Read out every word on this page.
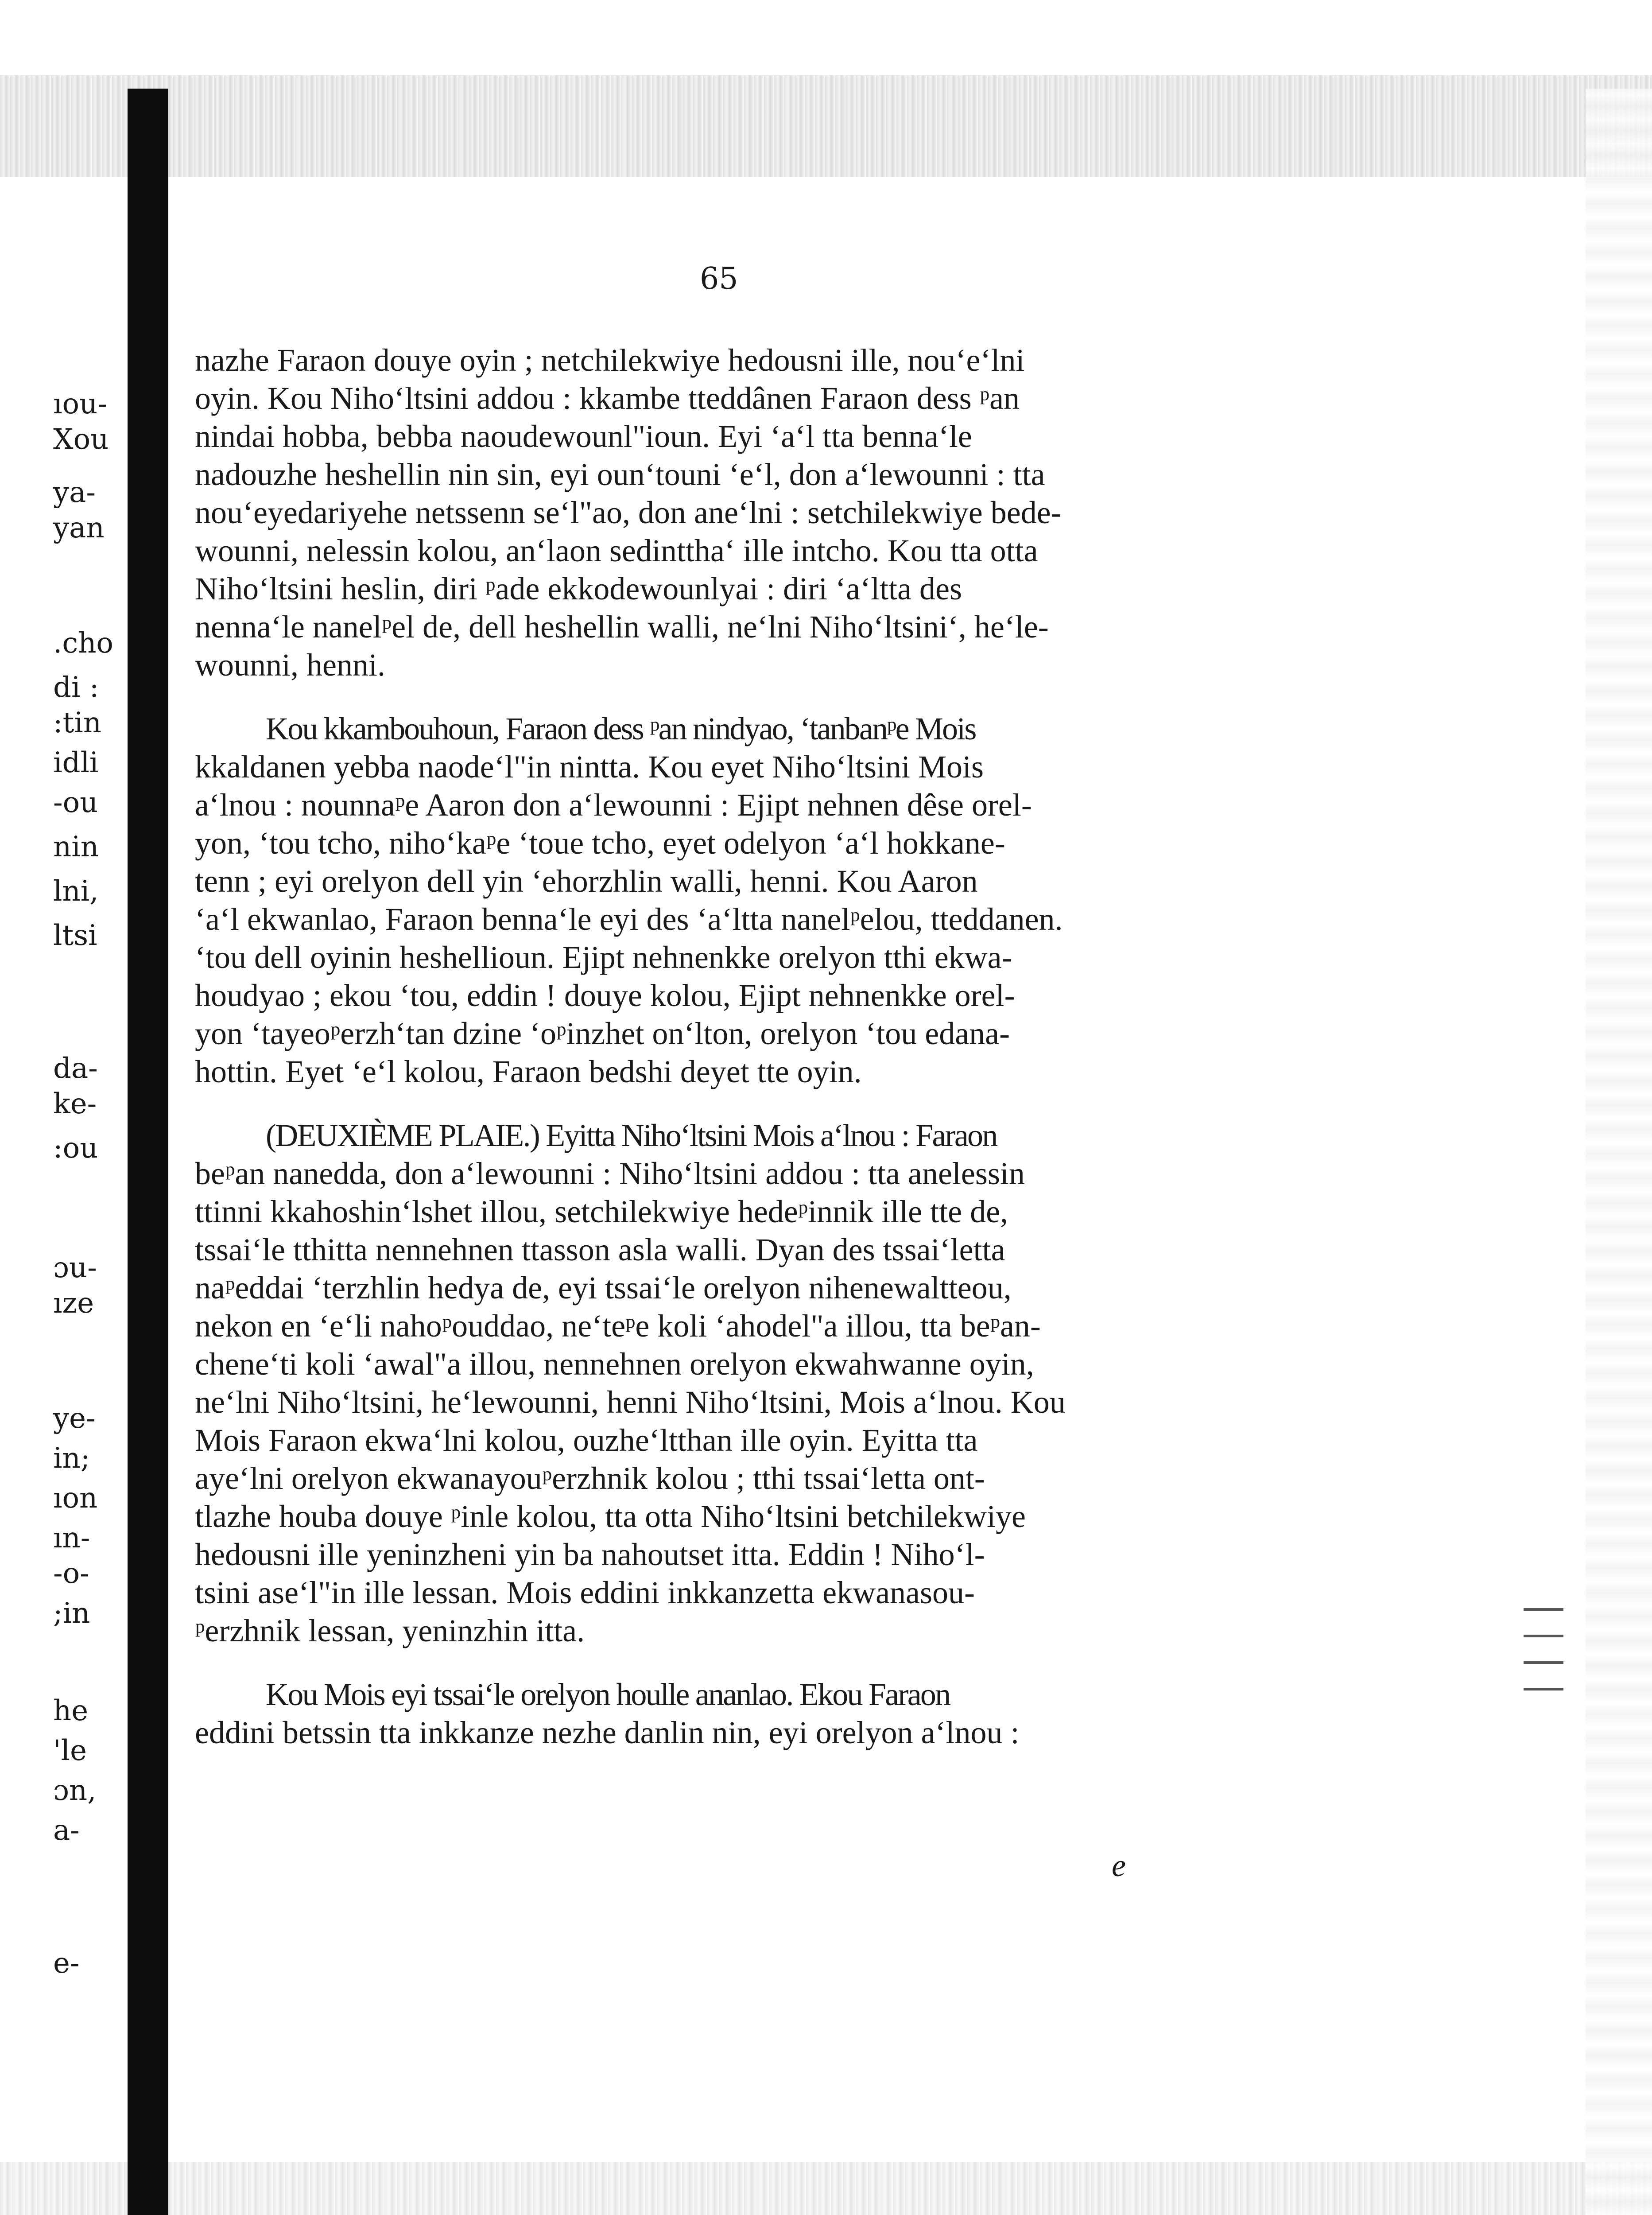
ıou-
Xou
ya-
yan
.cho
di :
:tin
idli
-ou
nin
lni,
ltsi
da-
ke-
:ou
ɔu-
ıze
ye-
in;
ıon
ın-
-o-
;in
he
'le
ɔn,
a-
e-
65
nazhe Faraon douye oyin ; netchilekwiye hedousni ille, nou‘e‘lni
oyin. Kou Niho‘ltsini addou : kkambe tteddânen Faraon dess ᵖan
nindai hobba, bebba naoudewounl"ioun. Eyi ‘a‘l tta benna‘le
nadouzhe heshellin nin sin, eyi oun‘touni ‘e‘l, don a‘lewounni : tta
nou‘eyedariyehe netssenn se‘l"ao, don ane‘lni : setchilekwiye bede-
wounni, nelessin kolou, an‘laon sedinttha‘ ille intcho. Kou tta otta
Niho‘ltsini heslin, diri ᵖade ekkodewounlyai : diri ‘a‘ltta des
nenna‘le nanelᵖel de, dell heshellin walli, ne‘lni Niho‘ltsini‘, he‘le-
wounni, henni.
Kou kkambouhoun, Faraon dess ᵖan nindyao, ‘tanbanᵖe Mois
kkaldanen yebba naode‘l"in nintta. Kou eyet Niho‘ltsini Mois
a‘lnou : nounnaᵖe Aaron don a‘lewounni : Ejipt nehnen dêse orel-
yon, ‘tou tcho, niho‘kaᵖe ‘toue tcho, eyet odelyon ‘a‘l hokkane-
tenn ; eyi orelyon dell yin ‘ehorzhlin walli, henni. Kou Aaron
‘a‘l ekwanlao, Faraon benna‘le eyi des ‘a‘ltta nanelᵖelou, tteddanen.
‘tou dell oyinin heshellioun. Ejipt nehnenkke orelyon tthi ekwa-
houdyao ; ekou ‘tou, eddin ! douye kolou, Ejipt nehnenkke orel-
yon ‘tayeoᵖerzh‘tan dzine ‘oᵖinzhet on‘lton, orelyon ‘tou edana-
hottin. Eyet ‘e‘l kolou, Faraon bedshi deyet tte oyin.
(DEUXIÈME PLAIE.) Eyitta Niho‘ltsini Mois a‘lnou : Faraon
beᵖan nanedda, don a‘lewounni : Niho‘ltsini addou : tta anelessin
ttinni kkahoshin‘lshet illou, setchilekwiye hedeᵖinnik ille tte de,
tssai‘le tthitta nennehnen ttasson asla walli. Dyan des tssai‘letta
naᵖeddai ‘terzhlin hedya de, eyi tssai‘le orelyon nihenewaltteou,
nekon en ‘e‘li nahoᵖouddao, ne‘teᵖe koli ‘ahodel"a illou, tta beᵖan-
chene‘ti koli ‘awal"a illou, nennehnen orelyon ekwahwanne oyin,
ne‘lni Niho‘ltsini, he‘lewounni, henni Niho‘ltsini, Mois a‘lnou. Kou
Mois Faraon ekwa‘lni kolou, ouzhe‘ltthan ille oyin. Eyitta tta
aye‘lni orelyon ekwanayouᵖerzhnik kolou ; tthi tssai‘letta ont-
tlazhe houba douye ᵖinle kolou, tta otta Niho‘ltsini betchilekwiye
hedousni ille yeninzheni yin ba nahoutset itta. Eddin ! Niho‘l-
tsini ase‘l"in ille lessan. Mois eddini inkkanzetta ekwanasou-
ᵖerzhnik lessan, yeninzhin itta.
Kou Mois eyi tssai‘le orelyon houlle ananlao. Ekou Faraon
eddini betssin tta inkkanze nezhe danlin nin, eyi orelyon a‘lnou :
e
